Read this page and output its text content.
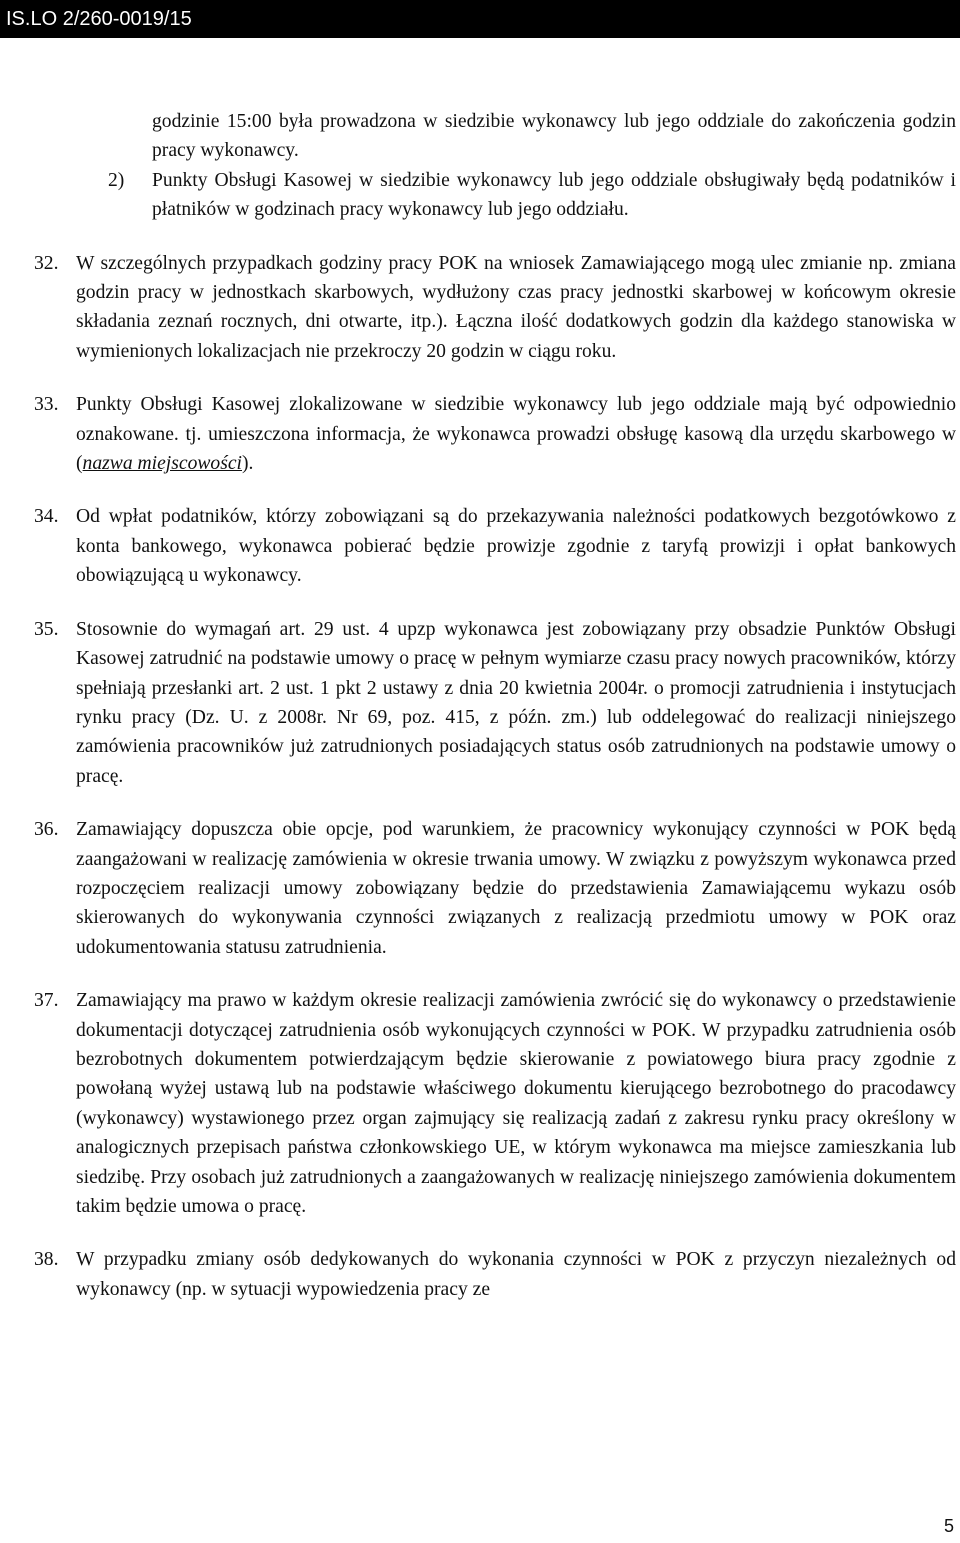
IS.LO 2/260-0019/15
godzinie 15:00 była prowadzona w siedzibie wykonawcy lub jego oddziale do zakończenia godzin pracy wykonawcy.
2) Punkty Obsługi Kasowej w siedzibie wykonawcy lub jego oddziale obsługiwały będą podatników i płatników w godzinach pracy wykonawcy lub jego oddziału.
32. W szczególnych przypadkach godziny pracy POK na wniosek Zamawiającego mogą ulec zmianie np. zmiana godzin pracy w jednostkach skarbowych, wydłużony czas pracy jednostki skarbowej w końcowym okresie składania zeznań rocznych, dni otwarte, itp.). Łączna ilość dodatkowych godzin dla każdego stanowiska w wymienionych lokalizacjach nie przekroczy 20 godzin w ciągu roku.
33. Punkty Obsługi Kasowej zlokalizowane w siedzibie wykonawcy lub jego oddziale mają być odpowiednio oznakowane. tj. umieszczona informacja, że wykonawca prowadzi obsługę kasową dla urzędu skarbowego w (nazwa miejscowości).
34. Od wpłat podatników, którzy zobowiązani są do przekazywania należności podatkowych bezgotówkowo z konta bankowego, wykonawca pobierać będzie prowizje zgodnie z taryfą prowizji i opłat bankowych obowiązującą u wykonawcy.
35. Stosownie do wymagań art. 29 ust. 4 upzp wykonawca jest zobowiązany przy obsadzie Punktów Obsługi Kasowej zatrudnić na podstawie umowy o pracę w pełnym wymiarze czasu pracy nowych pracowników, którzy spełniają przesłanki art. 2 ust. 1 pkt 2 ustawy z dnia 20 kwietnia 2004r. o promocji zatrudnienia i instytucjach rynku pracy (Dz. U. z 2008r. Nr 69, poz. 415, z późn. zm.) lub oddelegować do realizacji niniejszego zamówienia pracowników już zatrudnionych posiadających status osób zatrudnionych na podstawie umowy o pracę.
36. Zamawiający dopuszcza obie opcje, pod warunkiem, że pracownicy wykonujący czynności w POK będą zaangażowani w realizację zamówienia w okresie trwania umowy. W związku z powyższym wykonawca przed rozpoczęciem realizacji umowy zobowiązany będzie do przedstawienia Zamawiającemu wykazu osób skierowanych do wykonywania czynności związanych z realizacją przedmiotu umowy w POK oraz udokumentowania statusu zatrudnienia.
37. Zamawiający ma prawo w każdym okresie realizacji zamówienia zwrócić się do wykonawcy o przedstawienie dokumentacji dotyczącej zatrudnienia osób wykonujących czynności w POK. W przypadku zatrudnienia osób bezrobotnych dokumentem potwierdzającym będzie skierowanie z powiatowego biura pracy zgodnie z powołaną wyżej ustawą lub na podstawie właściwego dokumentu kierującego bezrobotnego do pracodawcy (wykonawcy) wystawionego przez organ zajmujący się realizacją zadań z zakresu rynku pracy określony w analogicznych przepisach państwa członkowskiego UE, w którym wykonawca ma miejsce zamieszkania lub siedzibę. Przy osobach już zatrudnionych a zaangażowanych w realizację niniejszego zamówienia dokumentem takim będzie umowa o pracę.
38. W przypadku zmiany osób dedykowanych do wykonania czynności w POK z przyczyn niezależnych od wykonawcy (np. w sytuacji wypowiedzenia pracy ze
5
